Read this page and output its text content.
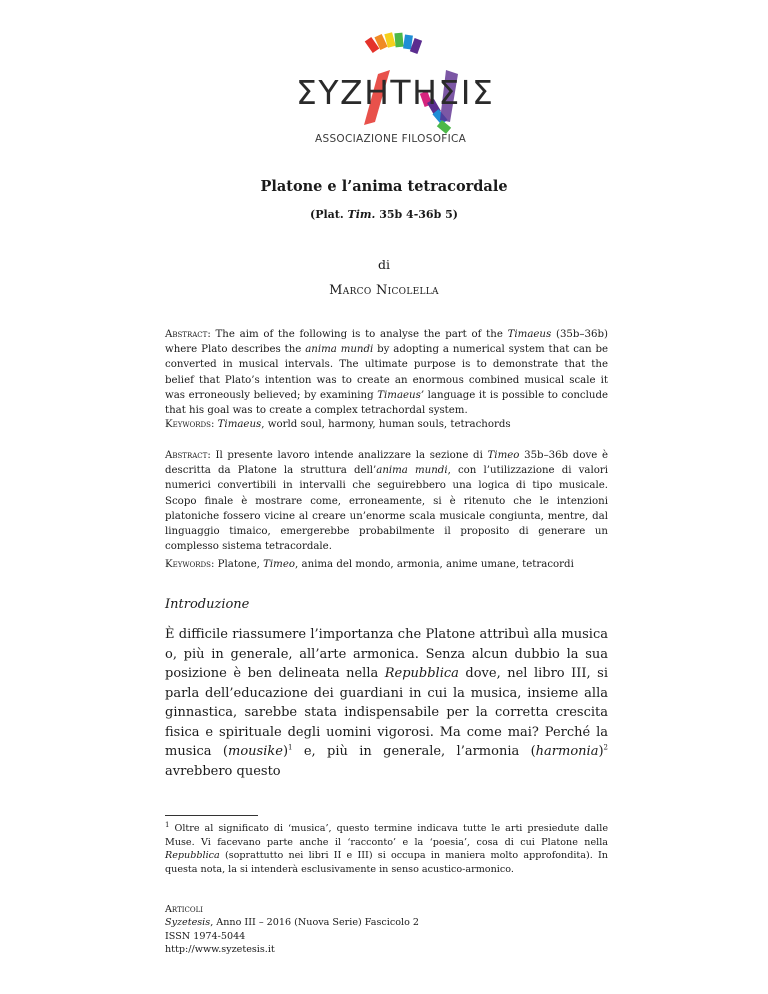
ΣΥΖΗΤΗΣΙΣ
ASSOCIAZIONE FILOSOFICA
Platone e l’anima tetracordale
(Plat. Tim. 35b 4-36b 5)
di
Marco Nicolella
Abstract: The aim of the following is to analyse the part of the Timaeus (35b–36b) where Plato describes the anima mundi by adopting a numerical system that can be converted in musical intervals. The ultimate purpose is to demonstrate that the belief that Plato’s intention was to create an enormous combined musical scale it was erroneously believed; by examining Timaeus’ language it is possible to conclude that his goal was to create a complex tetrachordal system.
Keywords: Timaeus, world soul, harmony, human souls, tetrachords
Abstract: Il presente lavoro intende analizzare la sezione di Timeo 35b–36b dove è descritta da Platone la struttura dell’anima mundi, con l’utilizzazione di valori numerici convertibili in intervalli che seguirebbero una logica di tipo musicale. Scopo finale è mostrare come, erroneamente, si è ritenuto che le intenzioni platoniche fossero vicine al creare un’enorme scala musicale congiunta, mentre, dal linguaggio timaico, emergerebbe probabilmente il proposito di generare un complesso sistema tetracordale.
Keywords: Platone, Timeo, anima del mondo, armonia, anime umane, tetracordi
Introduzione
È difficile riassumere l’importanza che Platone attribuì alla musica o, più in generale, all’arte armonica. Senza alcun dubbio la sua posizione è ben delineata nella Repubblica dove, nel libro III, si parla dell’educazione dei guardiani in cui la musica, insieme alla ginnastica, sarebbe stata indispensabile per la corretta crescita fisica e spirituale degli uomini vigorosi. Ma come mai? Perché la musica (mousike)$^1$ e, più in generale, l’armonia (harmonia)$^2$ avrebbero questo
$^1$ Oltre al significato di ‘musica’, questo termine indicava tutte le arti presiedute dalle Muse. Vi facevano parte anche il ‘racconto’ e la ‘poesia’, cosa di cui Platone nella Repubblica (soprattutto nei libri II e III) si occupa in maniera molto approfondita). In questa nota, la si intenderà esclusivamente in senso acustico-armonico.
Articoli
Syzetesis, Anno III – 2016 (Nuova Serie) Fascicolo 2
ISSN 1974-5044
http://www.syzetesis.it
